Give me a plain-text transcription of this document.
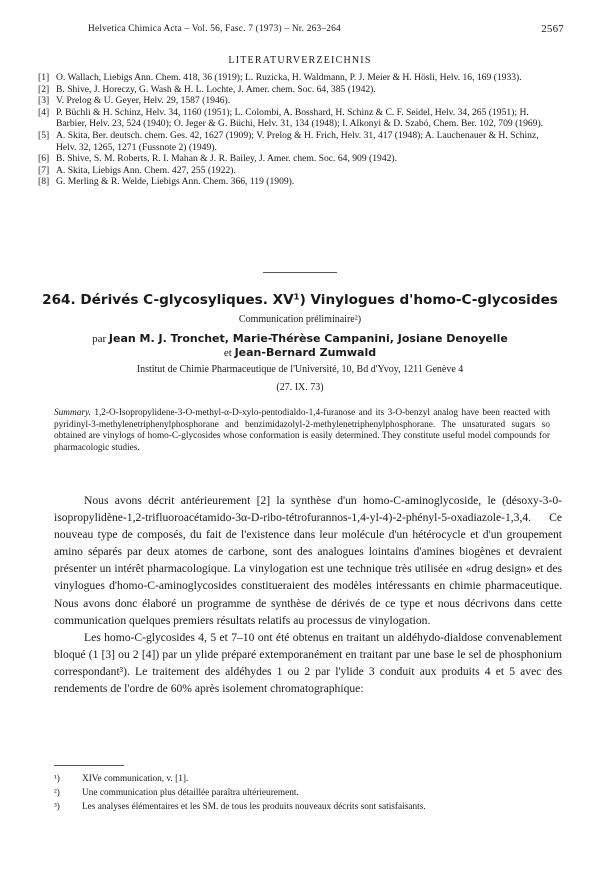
Helvetica Chimica Acta – Vol. 56, Fasc. 7 (1973) – Nr. 263–264	2567
LITERATURVERZEICHNIS
[1] O. Wallach, Liebigs Ann. Chem. 418, 36 (1919); L. Ruzicka, H. Waldmann, P. J. Meier & H. Hösli, Helv. 16, 169 (1933).
[2] B. Shive, J. Horeczy, G. Wash & H. L. Lochte, J. Amer. chem. Soc. 64, 385 (1942).
[3] V. Prelog & U. Geyer, Helv. 29, 1587 (1946).
[4] P. Büchli & H. Schinz, Helv. 34, 1160 (1951); L. Colombi, A. Bosshard, H. Schinz & C. F. Seidel, Helv. 34, 265 (1951); H. Barbier, Helv. 23, 524 (1940); O. Jeger & G. Büchi, Helv. 31, 134 (1948); I. Alkonyi & D. Szabó, Chem. Ber. 102, 709 (1969).
[5] A. Skita, Ber. deutsch. chem. Ges. 42, 1627 (1909); V. Prelog & H. Frich, Helv. 31, 417 (1948); A. Lauchenauer & H. Schinz, Helv. 32, 1265, 1271 (Fussnote 2) (1949).
[6] B. Shive, S. M. Roberts, R. I. Mahan & J. R. Bailey, J. Amer. chem. Soc. 64, 909 (1942).
[7] A. Skita, Liebigs Ann. Chem. 427, 255 (1922).
[8] G. Merling & R. Welde, Liebigs Ann. Chem. 366, 119 (1909).
264. Dérivés C-glycosyliques. XV¹) Vinylogues d'homo-C-glycosides
Communication préliminaire²)
par Jean M. J. Tronchet, Marie-Thérèse Campanini, Josiane Denoyelle
et Jean-Bernard Zumwald
Institut de Chimie Pharmaceutique de l'Université, 10, Bd d'Yvoy, 1211 Genève 4
(27. IX. 73)
Summary. 1,2-O-Isopropylidene-3-O-methyl-α-D-xylo-pentodialdo-1,4-furanose and its 3-O-benzyl analog have been reacted with pyridinyl-3-methylenetriphenylphosphorane and benzimidazolyl-2-methylenetriphenylphosphorane. The unsaturated sugars so obtained are vinylogs of homo-C-glycosides whose conformation is easily determined. They constitute useful model compounds for pharmacologic studies.

Nous avons décrit antérieurement [2] la synthèse d'un homo-C-aminoglycoside, le (désoxy-3-0-isopropylidène-1,2-trifluoroacétamido-3α-D-ribo-tétrofurannos-1,4-yl-4)-2-phényl-5-oxadiazole-1,3,4. Ce nouveau type de composés, du fait de l'existence dans leur molécule d'un hétérocycle et d'un groupement amino séparés par deux atomes de carbone, sont des analogues lointains d'amines biogènes et devraient présenter un intérêt pharmacologique. La vinylogation est une technique très utilisée en «drug design» et des vinylogues d'homo-C-aminoglycosides constitueraient des modèles intéressants en chimie pharmaceutique. Nous avons donc élaboré un programme de synthèse de dérivés de ce type et nous décrivons dans cette communication quelques premiers résultats relatifs au processus de vinylogation.

Les homo-C-glycosides 4, 5 et 7–10 ont été obtenus en traitant un aldéhydo-dialdose convenablement bloqué (1 [3] ou 2 [4]) par un ylide préparé extemporanément en traitant par une base le sel de phosphonium correspondant³). Le traitement des aldéhydes 1 ou 2 par l'ylide 3 conduit aux produits 4 et 5 avec des rendements de l'ordre de 60% après isolement chromatographique:

¹) XIVe communication, v. [1].
²) Une communication plus détaillée paraîtra ultérieurement.
³) Les analyses élémentaires et les SM. de tous les produits nouveaux décrits sont satisfaisants.
